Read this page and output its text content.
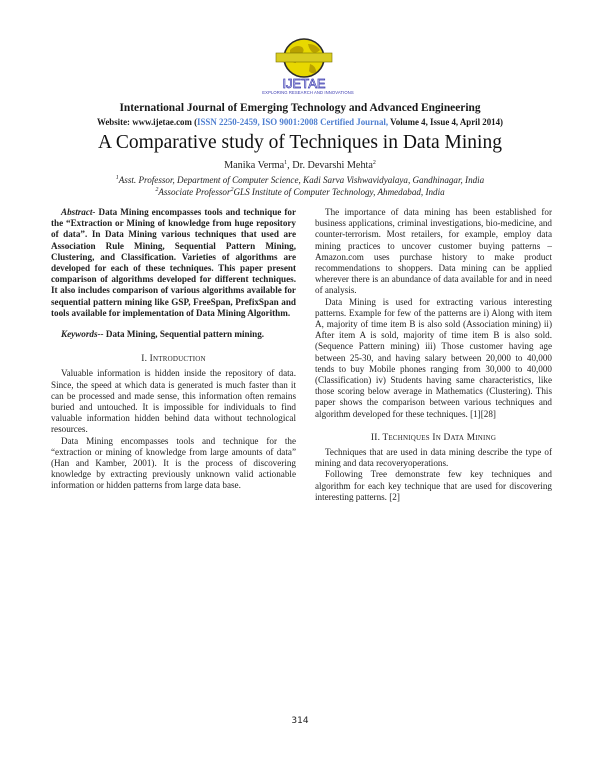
IJETAE
EXPLORING RESEARCH AND INNOVATIONS
International Journal of Emerging Technology and Advanced Engineering
Website: www.ijetae.com (ISSN 2250-2459, ISO 9001:2008 Certified Journal, Volume 4, Issue 4, April 2014)
A Comparative study of Techniques in Data Mining
Manika Verma$^1$, Dr. Devarshi Mehta$^2$
$^1$Asst. Professor, Department of Computer Science, Kadi Sarva Vishwavidyalaya, Gandhinagar, India
$^2$Associate Professor$^2$GLS Institute of Computer Technology, Ahmedabad, India

Abstract- Data Mining encompasses tools and technique for the “Extraction or Mining of knowledge from huge repository of data”. In Data Mining various techniques that used are Association Rule Mining, Sequential Pattern Mining, Clustering, and Classification. Varieties of algorithms are developed for each of these techniques. This paper present comparison of algorithms developed for different techniques. It also includes comparison of various algorithms available for sequential pattern mining like GSP, FreeSpan, PrefixSpan and tools available for implementation of Data Mining Algorithm.

Keywords-- Data Mining, Sequential pattern mining.

I. Introduction

Valuable information is hidden inside the repository of data. Since, the speed at which data is generated is much faster than it can be processed and made sense, this information often remains buried and untouched. It is impossible for individuals to find valuable information hidden behind data without technological resources.

Data Mining encompasses tools and technique for the “extraction or mining of knowledge from large amounts of data” (Han and Kamber, 2001). It is the process of discovering knowledge by extracting previously unknown valid actionable information or hidden patterns from large data base.

The importance of data mining has been established for business applications, criminal investigations, bio-medicine, and counter-terrorism. Most retailers, for example, employ data mining practices to uncover customer buying patterns – Amazon.com uses purchase history to make product recommendations to shoppers. Data mining can be applied wherever there is an abundance of data available for and in need of analysis.

Data Mining is used for extracting various interesting patterns. Example for few of the patterns are i) Along with item A, majority of time item B is also sold (Association mining) ii) After item A is sold, majority of time item B is also sold.(Sequence Pattern mining) iii) Those customer having age between 25-30, and having salary between 20,000 to 40,000 tends to buy Mobile phones ranging from 30,000 to 40,000 (Classification) iv) Students having same characteristics, like those scoring below average in Mathematics (Clustering). This paper shows the comparison between various techniques and algorithm developed for these techniques. [1][28]

II. Techniques In Data Mining

Techniques that are used in data mining describe the type of mining and data recoveryoperations.

Following Tree demonstrate few key techniques and algorithm for each key technique that are used for discovering interesting patterns. [2]

314
